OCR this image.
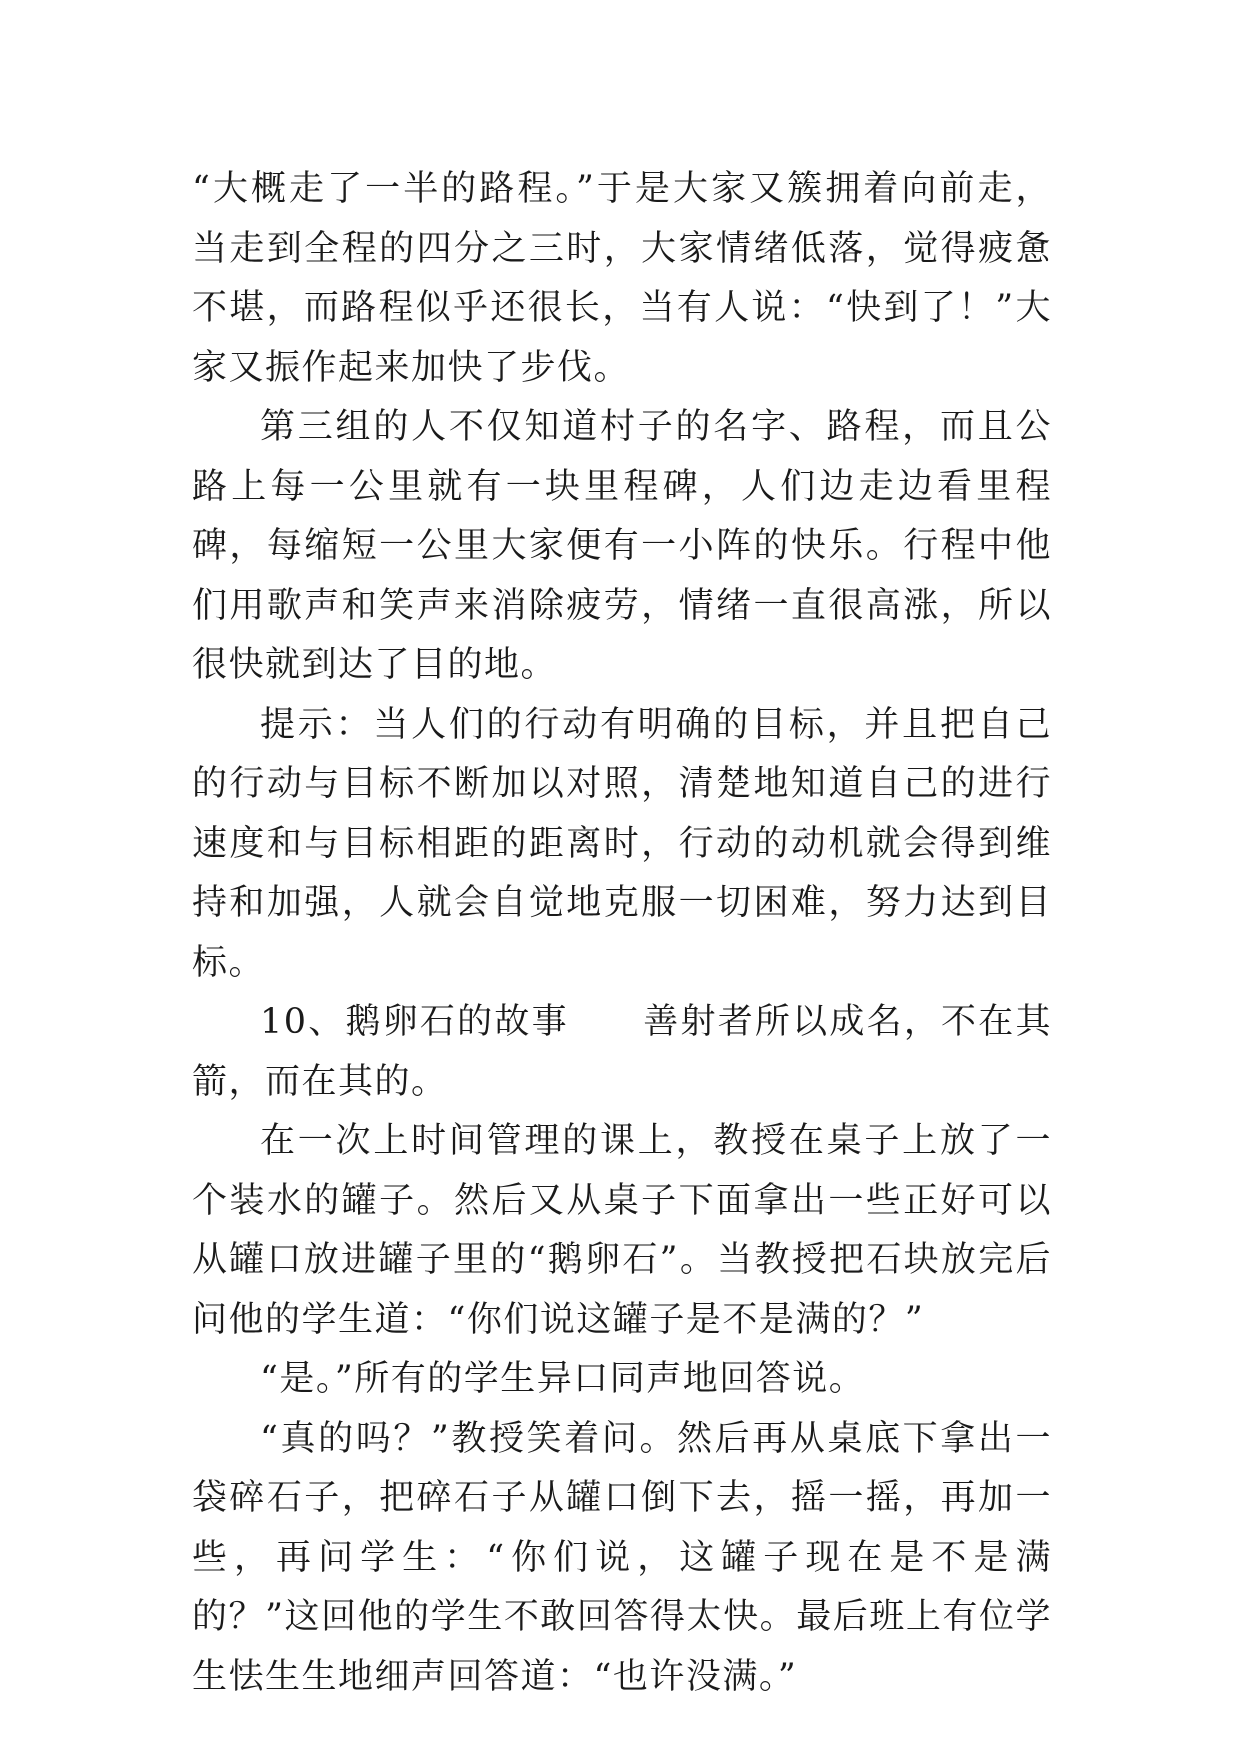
“大概走了一半的路程。”于是大家又簇拥着向前走，当走到全程的四分之三时，大家情绪低落，觉得疲惫不堪，而路程似乎还很长，当有人说：“快到了！”大家又振作起来加快了步伐。

第三组的人不仅知道村子的名字、路程，而且公路上每一公里就有一块里程碑，人们边走边看里程碑，每缩短一公里大家便有一小阵的快乐。行程中他们用歌声和笑声来消除疲劳，情绪一直很高涨，所以很快就到达了目的地。

提示：当人们的行动有明确的目标，并且把自己的行动与目标不断加以对照，清楚地知道自己的进行速度和与目标相距的距离时，行动的动机就会得到维持和加强，人就会自觉地克服一切困难，努力达到目标。

10、鹅卵石的故事　　善射者所以成名，不在其箭，而在其的。

在一次上时间管理的课上，教授在桌子上放了一个装水的罐子。然后又从桌子下面拿出一些正好可以从罐口放进罐子里的“鹅卵石”。当教授把石块放完后问他的学生道：“你们说这罐子是不是满的？”

“是。”所有的学生异口同声地回答说。

“真的吗？”教授笑着问。然后再从桌底下拿出一袋碎石子，把碎石子从罐口倒下去，摇一摇，再加一些，再问学生：“你们说，这罐子现在是不是满的？”这回他的学生不敢回答得太快。最后班上有位学生怯生生地细声回答道：“也许没满。”
